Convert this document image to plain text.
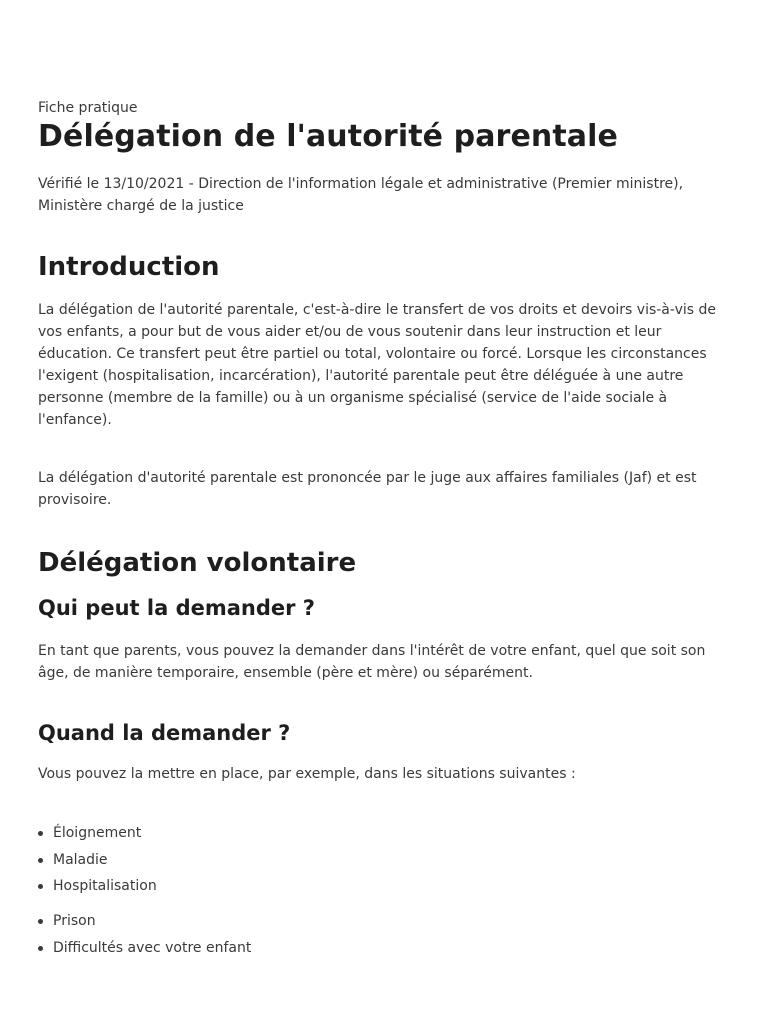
Fiche pratique

Délégation de l'autorité parentale

Vérifié le 13/10/2021 - Direction de l'information légale et administrative (Premier ministre), Ministère chargé de la justice

Introduction

La délégation de l'autorité parentale, c'est-à-dire le transfert de vos droits et devoirs vis-à-vis de vos enfants, a pour but de vous aider et/ou de vous soutenir dans leur instruction et leur éducation. Ce transfert peut être partiel ou total, volontaire ou forcé. Lorsque les circonstances l'exigent (hospitalisation, incarcération), l'autorité parentale peut être déléguée à une autre personne (membre de la famille) ou à un organisme spécialisé (service de l'aide sociale à l'enfance).

La délégation d'autorité parentale est prononcée par le juge aux affaires familiales (Jaf) et est provisoire.

Délégation volontaire
Qui peut la demander ?

En tant que parents, vous pouvez la demander dans l'intérêt de votre enfant, quel que soit son âge, de manière temporaire, ensemble (père et mère) ou séparément.

Quand la demander ?

Vous pouvez la mettre en place, par exemple, dans les situations suivantes :

Éloignement
Maladie
Hospitalisation
Prison
Difficultés avec votre enfant
